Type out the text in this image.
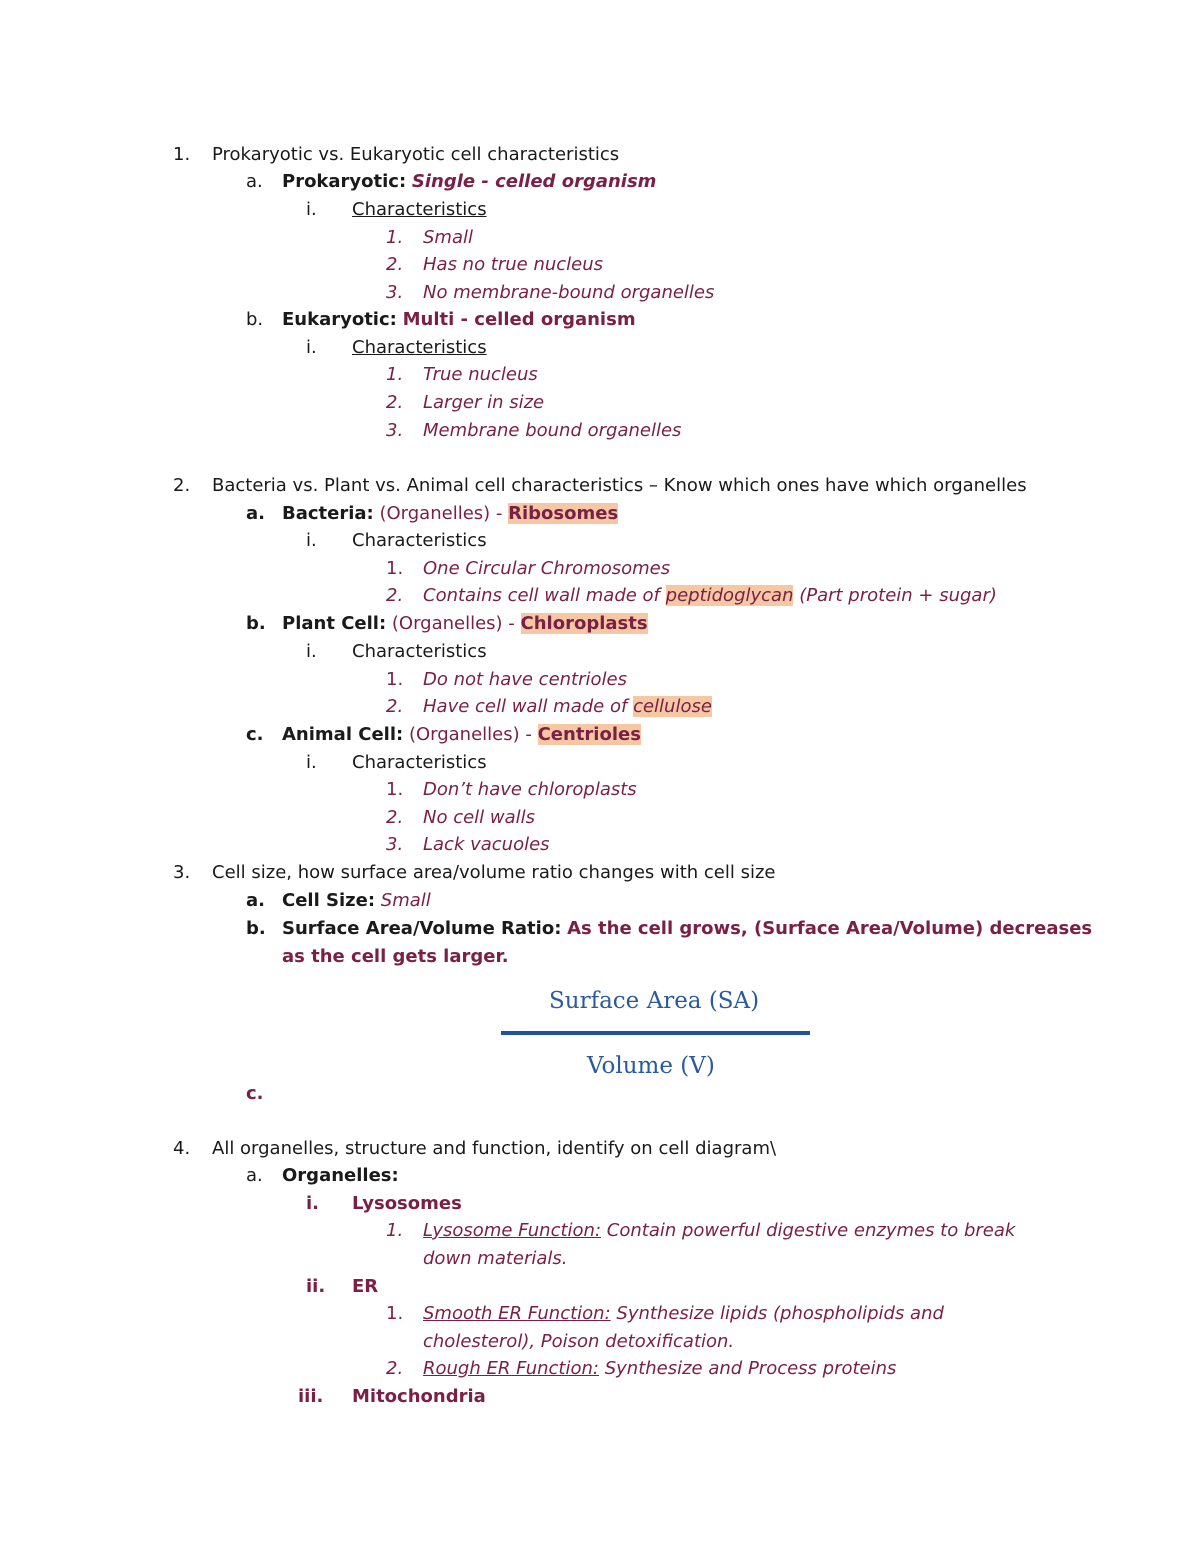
1. Prokaryotic vs. Eukaryotic cell characteristics
a. Prokaryotic: Single - celled organism
i. Characteristics
1. Small
2. Has no true nucleus
3. No membrane-bound organelles
b. Eukaryotic: Multi - celled organism
i. Characteristics
1. True nucleus
2. Larger in size
3. Membrane bound organelles
2. Bacteria vs. Plant vs. Animal cell characteristics – Know which ones have which organelles
a. Bacteria: (Organelles) - Ribosomes
i. Characteristics
1. One Circular Chromosomes
2. Contains cell wall made of peptidoglycan (Part protein + sugar)
b. Plant Cell: (Organelles) - Chloroplasts
i. Characteristics
1. Do not have centrioles
2. Have cell wall made of cellulose
c. Animal Cell: (Organelles) - Centrioles
i. Characteristics
1. Don’t have chloroplasts
2. No cell walls
3. Lack vacuoles
3. Cell size, how surface area/volume ratio changes with cell size
a. Cell Size: Small
b. Surface Area/Volume Ratio: As the cell grows, (Surface Area/Volume) decreases
as the cell gets larger.
Surface Area (SA)
Volume (V)
c.
4. All organelles, structure and function, identify on cell diagram\
a. Organelles:
i. Lysosomes
1. Lysosome Function: Contain powerful digestive enzymes to break
down materials.
ii. ER
1. Smooth ER Function: Synthesize lipids (phospholipids and
cholesterol), Poison detoxification.
2. Rough ER Function: Synthesize and Process proteins
iii. Mitochondria
